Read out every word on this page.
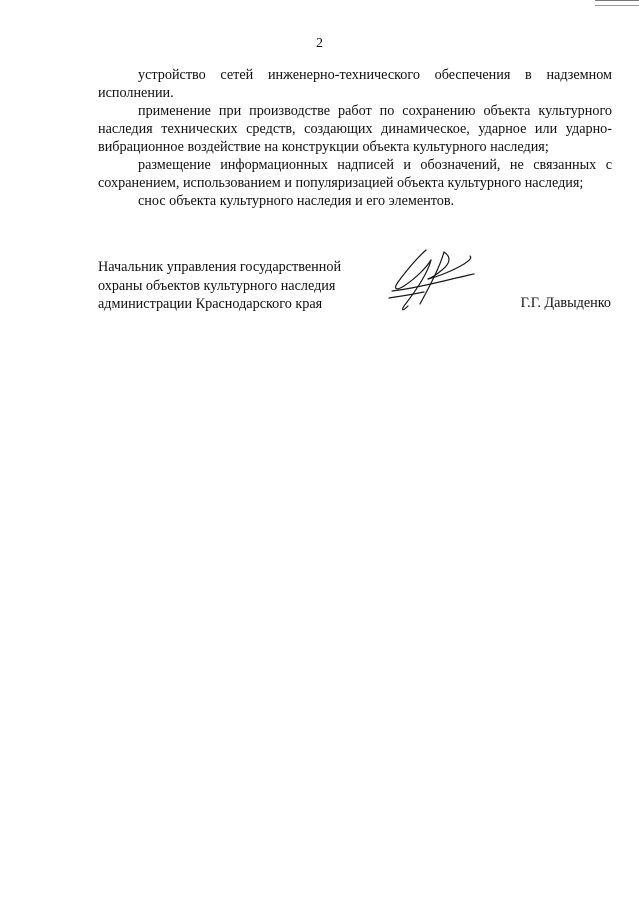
2

устройство сетей инженерно-технического обеспечения в надземном исполнении.

применение при производстве работ по сохранению объекта культурного наследия технических средств, создающих динамическое, ударное или ударно-вибрационное воздействие на конструкции объекта культурного наследия;

размещение информационных надписей и обозначений, не связанных с сохранением, использованием и популяризацией объекта культурного наследия;

снос объекта культурного наследия и его элементов.

Начальник управления государственной
охраны объектов культурного наследия
администрации Краснодарского края	Г.Г. Давыденко
